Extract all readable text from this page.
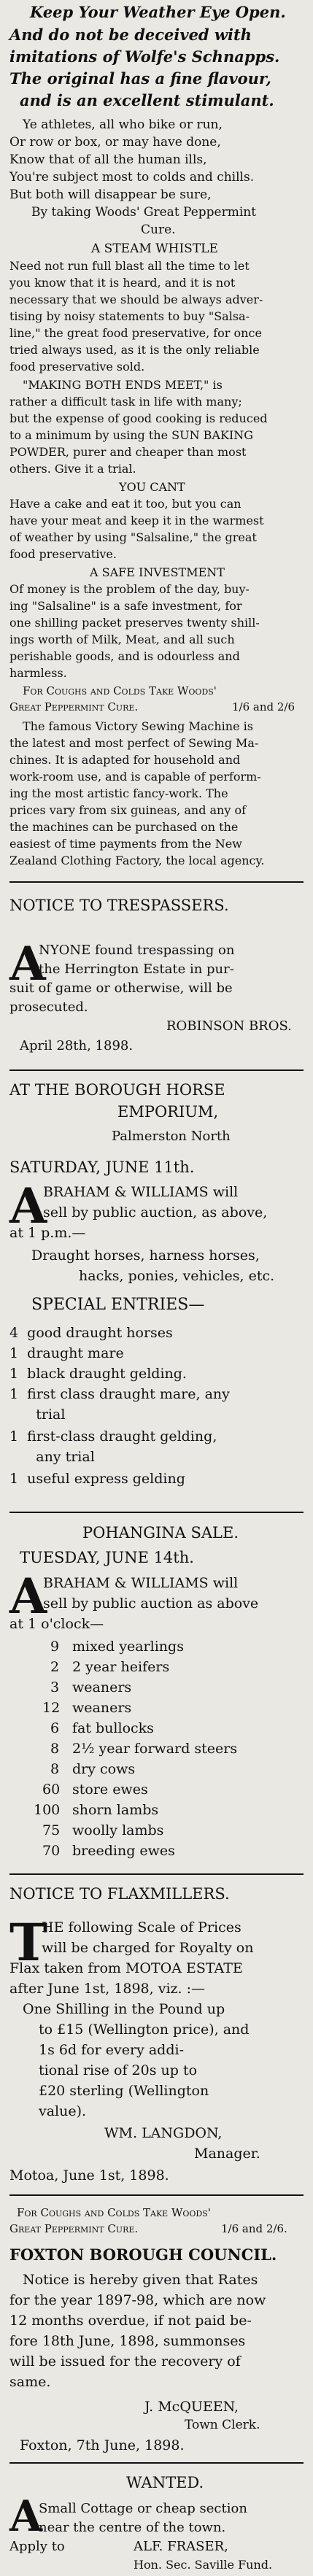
Keep Your Weather Eye Open.
And do not be deceived with
imitations of Wolfe's Schnapps.
The original has a fine flavour,
and is an excellent stimulant.
Ye athletes, all who bike or run,
Or row or box, or may have done,
Know that of all the human ills,
You're subject most to colds and chills.
But both will disappear be sure,
By taking Woods' Great Peppermint
Cure.
A STEAM WHISTLE
Need not run full blast all the time to let
you know that it is heard, and it is not
necessary that we should be always adver-
tising by noisy statements to buy "Salsa-
line," the great food preservative, for once
tried always used, as it is the only reliable
food preservative sold.
"MAKING BOTH ENDS MEET," is
rather a difficult task in life with many;
but the expense of good cooking is reduced
to a minimum by using the SUN BAKING
POWDER, purer and cheaper than most
others. Give it a trial.
YOU CANT
Have a cake and eat it too, but you can
have your meat and keep it in the warmest
of weather by using "Salsaline," the great
food preservative.
A SAFE INVESTMENT
Of money is the problem of the day, buy-
ing "Salsaline" is a safe investment, for
one shilling packet preserves twenty shill-
ings worth of Milk, Meat, and all such
perishable goods, and is odourless and
harmless.
For Coughs and Colds Take Woods'
Great Peppermint Cure.	1/6 and 2/6
The famous Victory Sewing Machine is
the latest and most perfect of Sewing Ma-
chines. It is adapted for household and
work-room use, and is capable of perform-
ing the most artistic fancy-work. The
prices vary from six guineas, and any of
the machines can be purchased on the
easiest of time payments from the New
Zealand Clothing Factory, the local agency.
NOTICE TO TRESPASSERS.
A
NYONE found trespassing on
the Herrington Estate in pur-
suit of game or otherwise, will be
prosecuted.
ROBINSON BROS.
April 28th, 1898.
AT THE BOROUGH HORSE
EMPORIUM,
Palmerston North
SATURDAY, JUNE 11th.
A
BRAHAM & WILLIAMS will
sell by public auction, as above,
at 1 p.m.—
Draught horses, harness horses,
hacks, ponies, vehicles, etc.
SPECIAL ENTRIES—
4  good draught horses
1  draught mare
1  black draught gelding.
1  first class draught mare, any
trial
1  first-class draught gelding,
any trial
1  useful express gelding
POHANGINA SALE.
TUESDAY, JUNE 14th.
A
BRAHAM & WILLIAMS will
sell by public auction as above
at 1 o'clock—
9 mixed yearlings
2 2 year heifers
3 weaners
12 weaners
6 fat bullocks
8 2½ year forward steers
8 dry cows
60 store ewes
100 shorn lambs
75 woolly lambs
70 breeding ewes
NOTICE TO FLAXMILLERS.
T
HE following Scale of Prices
will be charged for Royalty on
Flax taken from MOTOA ESTATE
after June 1st, 1898, viz. :—
One Shilling in the Pound up
to £15 (Wellington price), and
1s 6d for every addi-
tional rise of 20s up to
£20 sterling (Wellington
value).
WM. LANGDON,
Manager.
Motoa, June 1st, 1898.
For Coughs and Colds Take Woods'
Great Peppermint Cure.	1/6 and 2/6.
FOXTON BOROUGH COUNCIL.
Notice is hereby given that Rates
for the year 1897-98, which are now
12 months overdue, if not paid be-
fore 18th June, 1898, summonses
will be issued for the recovery of
same.
J. McQUEEN,
Town Clerk.
Foxton, 7th June, 1898.
WANTED.
A
Small Cottage or cheap section
near the centre of the town.
Apply to	ALF. FRASER,
Hon. Sec. Saville Fund.
